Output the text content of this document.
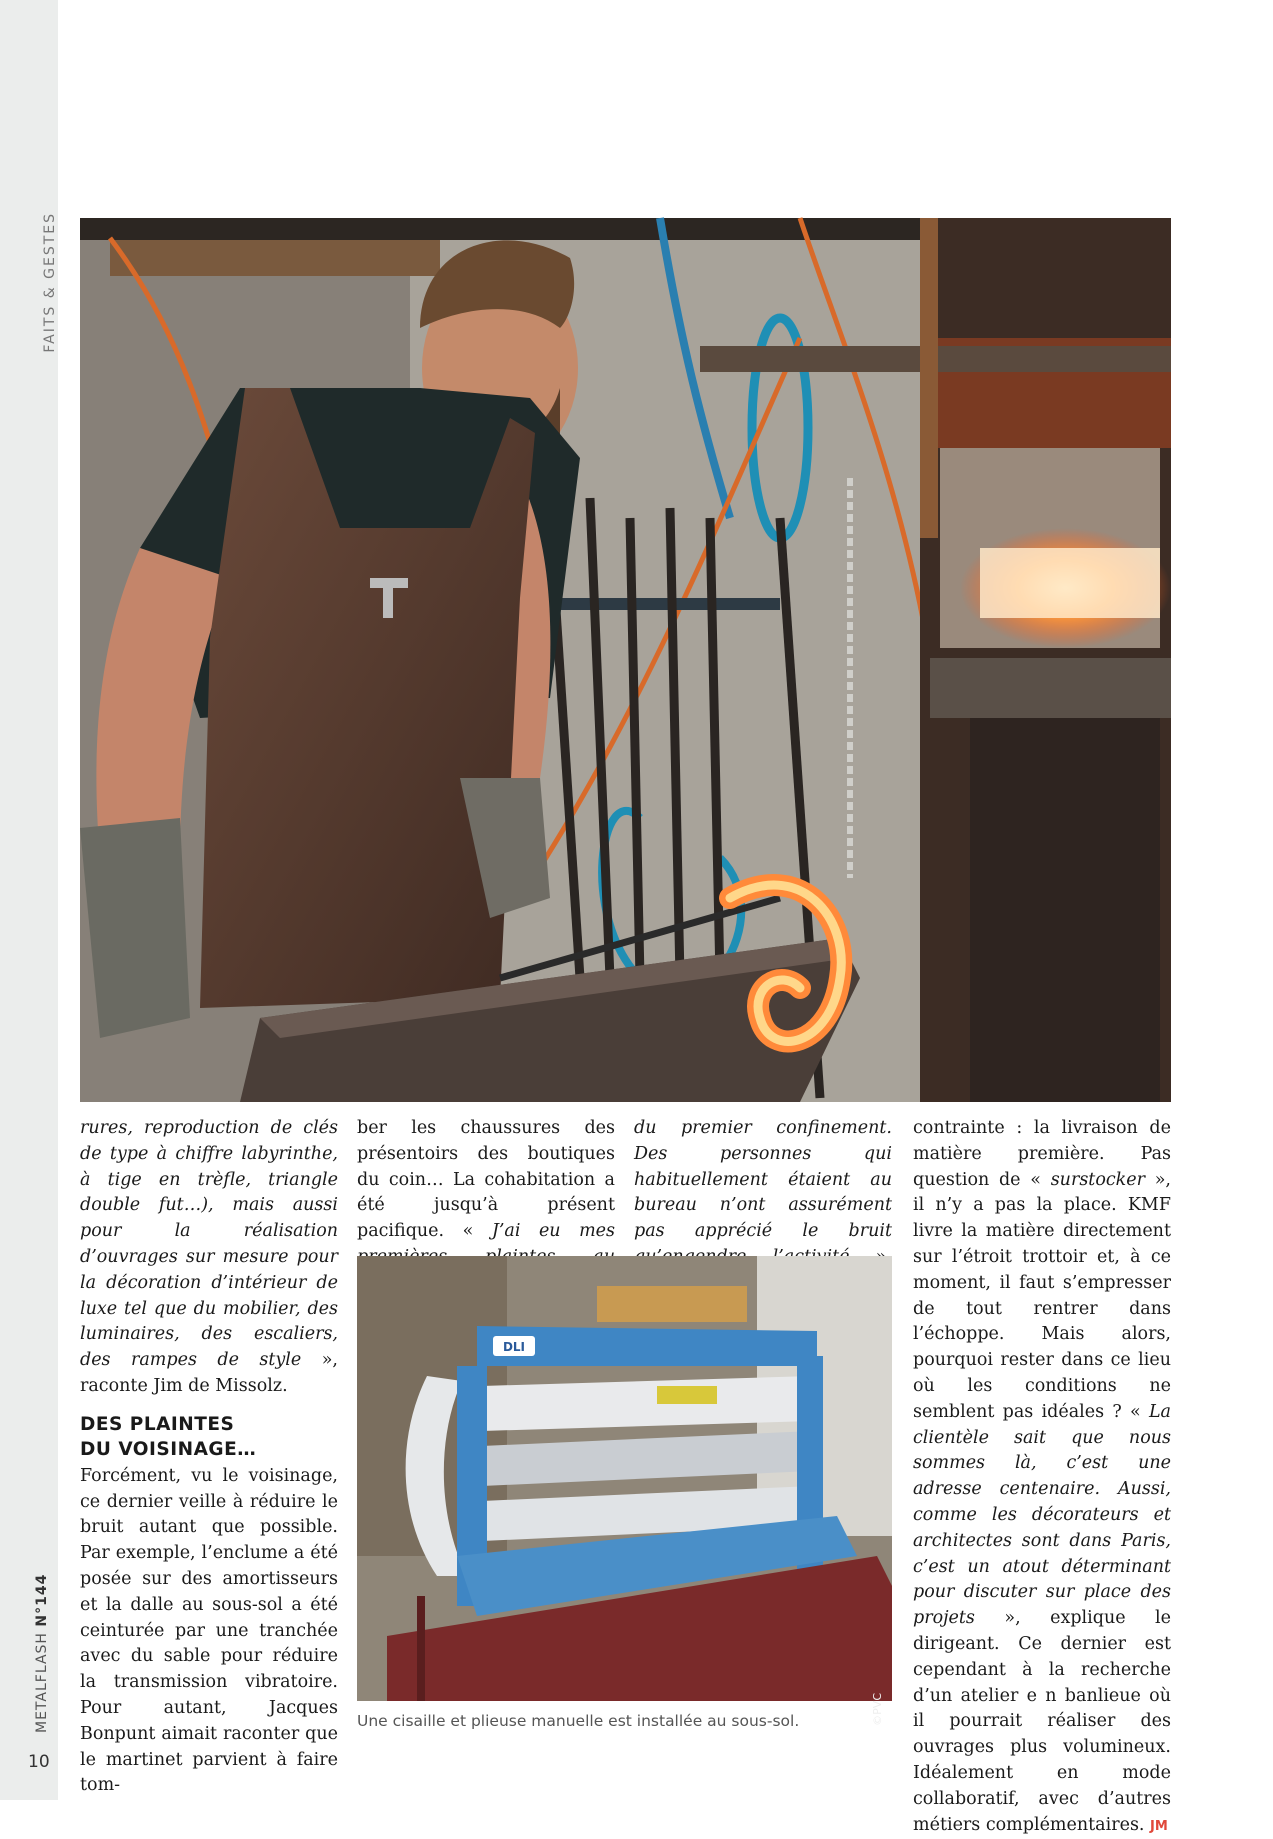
FAITS & GESTES
METALFLASH N°144
10

rures, reproduction de clés de type à chiffre labyrinthe, à tige en trèfle, triangle double fut…), mais aussi pour la réalisation d’ouvrages sur mesure pour la décoration d’intérieur de luxe tel que du mobilier, des luminaires, des escaliers, des rampes de style », raconte Jim de Missolz.

DES PLAINTES
DU VOISINAGE…

Forcément, vu le voisinage, ce dernier veille à réduire le bruit autant que possible. Par exemple, l’enclume a été posée sur des amortisseurs et la dalle au sous-sol a été ceinturée par une tranchée avec du sable pour réduire la transmission vibratoire. Pour autant, Jacques Bonpunt aimait raconter que le martinet parvient à faire tom-

ber les chaussures des présentoirs des boutiques du coin… La cohabitation a été jusqu’à présent pacifique. « J’ai eu mes

du premier confinement. Des personnes qui habituellement étaient au bureau n’ont assurément pas apprécié le bruit

contrainte : la livraison de matière première. Pas question de « surstocker », il n’y a pas la place. KMF livre la matière directement sur l’étroit trottoir et, à ce moment, il faut s’empresser de tout rentrer dans l’échoppe. Mais alors, pourquoi rester dans ce lieu où les conditions ne semblent pas idéales ? « La clientèle sait que nous sommes là, c’est une adresse centenaire. Aussi, comme les décorateurs et architectes sont dans Paris, c’est un atout déterminant pour discuter sur place des projets », explique le dirigeant. Ce dernier est cependant à la recherche d’un atelier e n banlieue où il pourrait réaliser des ouvrages plus volumineux. Idéalement en mode collaboratif, avec d’autres métiers complémentaires. JM

DLI
©PVC
Une cisaille et plieuse manuelle est installée au sous-sol.
